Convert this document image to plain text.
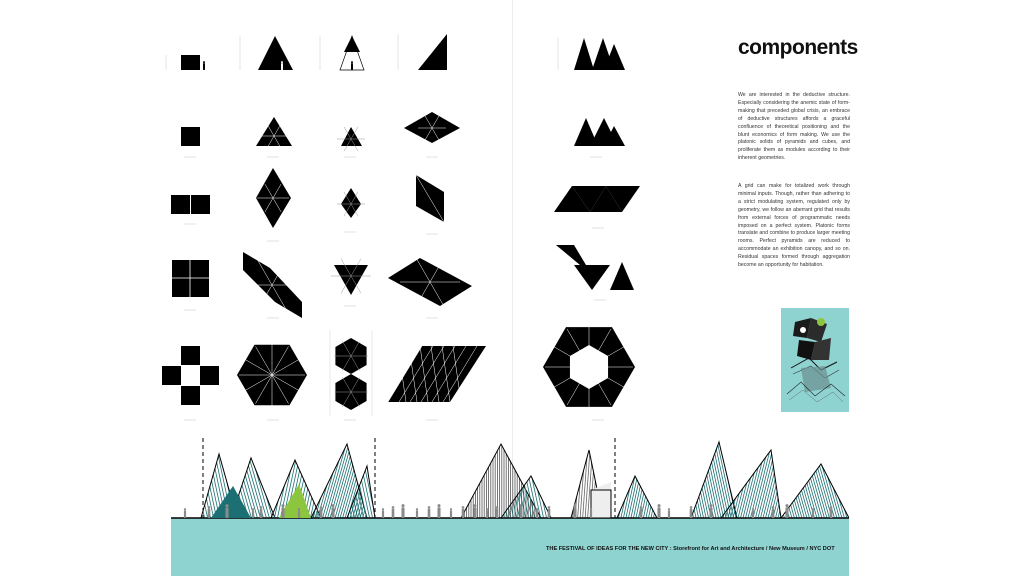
components

We are interested in the deductive structure. Especially considering the anemic state of form-making that preceded global crisis, an embrace of deductive structures affords a graceful confluence of theoretical positioning and the blunt economics of form making. We use the platonic solids of pyramids and cubes, and proliferate them as modules according to their inherent geometries.

A grid can make for totalized work through minimal inputs. Though, rather than adhering to a strict modulating system, regulated only by geometry, we follow an aberrant grid that results from external forces of programmatic needs imposed on a perfect system. Platonic forms translate and combine to produce larger meeting rooms. Perfect pyramids are reduced to accommodate an exhibition canopy, and so on. Residual spaces formed through aggregation become an opportunity for habitation.

THE FESTIVAL OF IDEAS FOR THE NEW CITY : Storefront for Art and Architecture / New Museum / NYC DOT
